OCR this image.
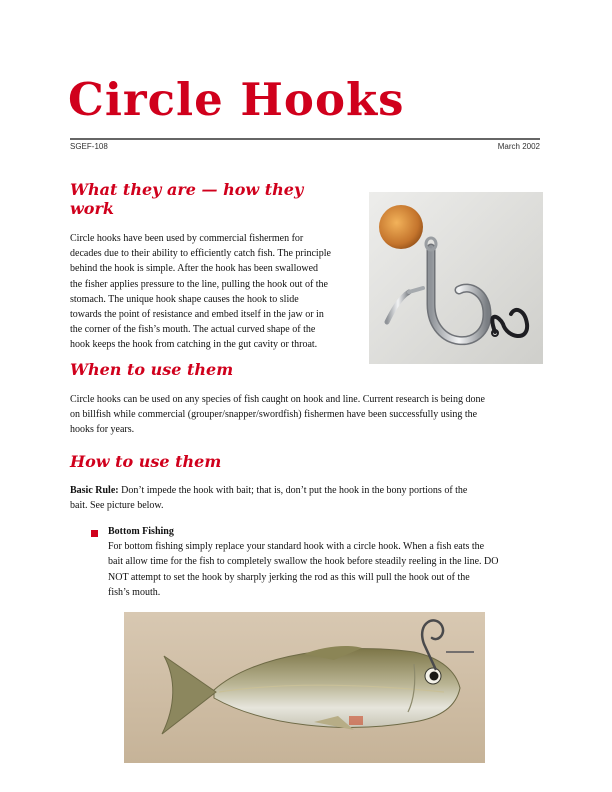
Circle Hooks
SGEF-108	March 2002
What they are — how they
work
Circle hooks have been used by commercial fishermen for
decades due to their ability to efficiently catch fish. The principle
behind the hook is simple. After the hook has been swallowed
the fisher applies pressure to the line, pulling the hook out of the
stomach. The unique hook shape causes the hook to slide
towards the point of resistance and embed itself in the jaw or in
the corner of the fish’s mouth. The actual curved shape of the
hook keeps the hook from catching in the gut cavity or throat.
When to use them
Circle hooks can be used on any species of fish caught on hook and line. Current research is being done
on billfish while commercial (grouper/snapper/swordfish) fishermen have been successfully using the
hooks for years.
How to use them
Basic Rule: Don’t impede the hook with bait; that is, don’t put the hook in the bony portions of the
bait. See picture below.
Bottom Fishing
For bottom fishing simply replace your standard hook with a circle hook. When a fish eats the
bait allow time for the fish to completely swallow the hook before steadily reeling in the line. DO
NOT attempt to set the hook by sharply jerking the rod as this will pull the hook out of the
fish’s mouth.
